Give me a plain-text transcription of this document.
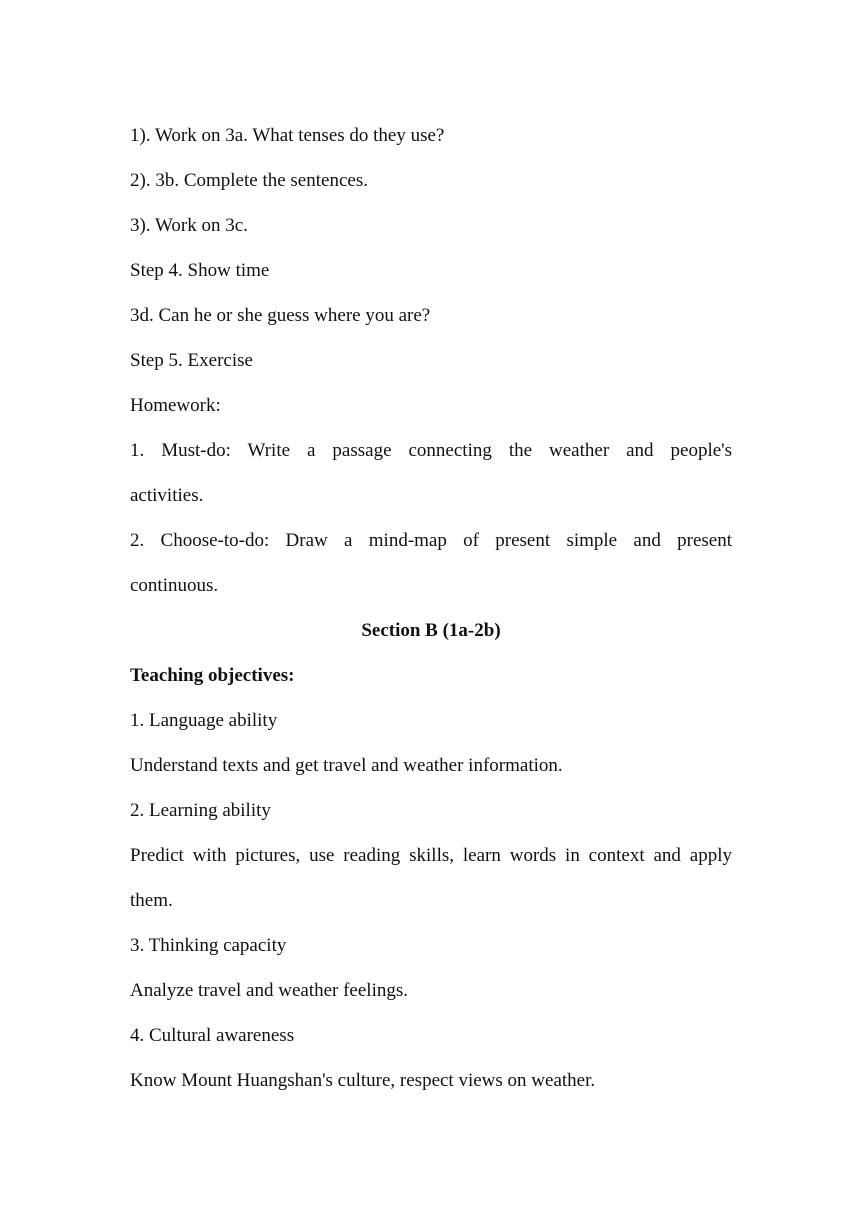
1). Work on 3a. What tenses do they use?

2). 3b. Complete the sentences.

3). Work on 3c.

Step 4. Show time

3d. Can he or she guess where you are?

Step 5. Exercise

Homework:

1. Must-do: Write a passage connecting the weather and people's

activities.

2. Choose-to-do: Draw a mind-map of present simple and present

continuous.

Section B (1a-2b)

Teaching objectives:

1. Language ability

Understand texts and get travel and weather information.

2. Learning ability

Predict with pictures, use reading skills, learn words in context and apply

them.

3. Thinking capacity

Analyze travel and weather feelings.

4. Cultural awareness

Know Mount Huangshan's culture, respect views on weather.
